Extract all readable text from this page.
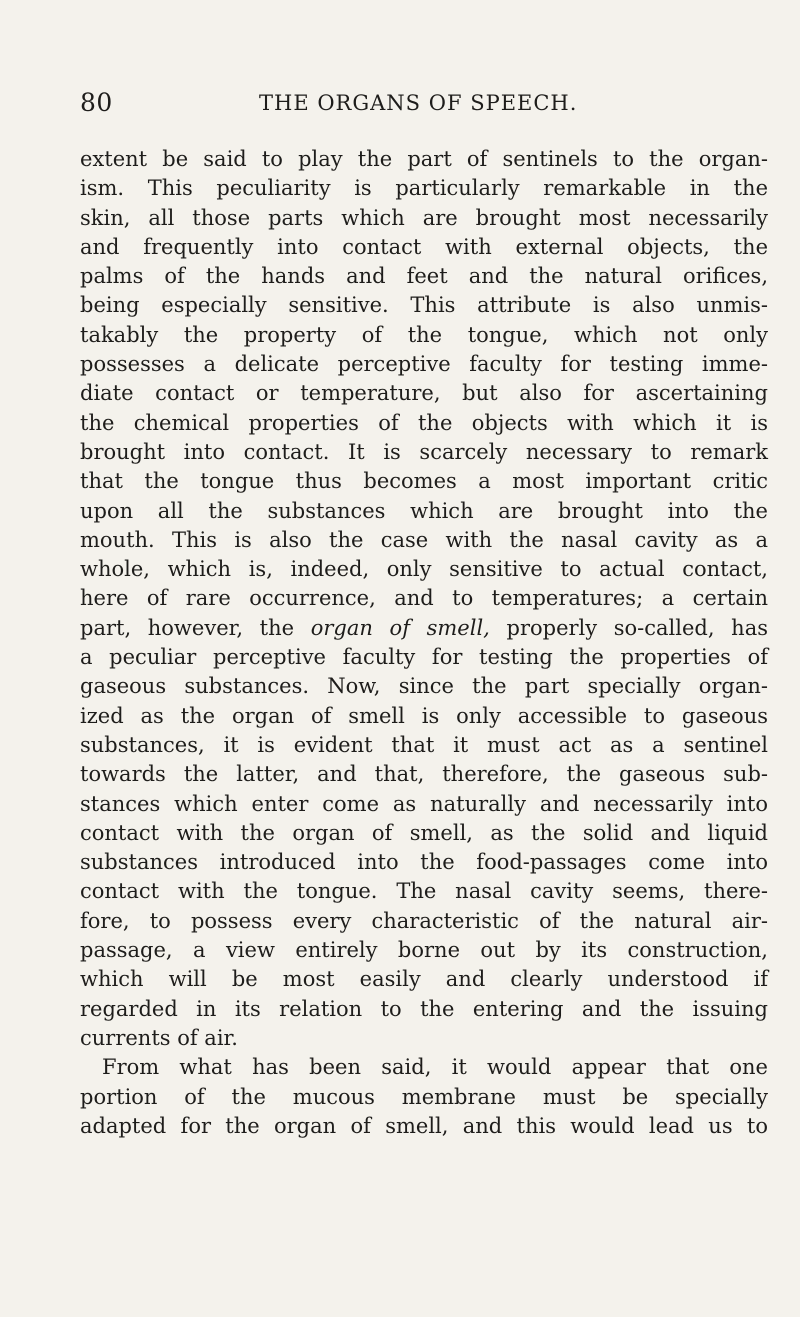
80	THE ORGANS OF SPEECH.
extent be said to play the part of sentinels to the organ-
ism. This peculiarity is particularly remarkable in the
skin, all those parts which are brought most necessarily
and frequently into contact with external objects, the
palms of the hands and feet and the natural orifices,
being especially sensitive. This attribute is also unmis-
takably the property of the tongue, which not only
possesses a delicate perceptive faculty for testing imme-
diate contact or temperature, but also for ascertaining
the chemical properties of the objects with which it is
brought into contact. It is scarcely necessary to remark
that the tongue thus becomes a most important critic
upon all the substances which are brought into the
mouth. This is also the case with the nasal cavity as a
whole, which is, indeed, only sensitive to actual contact,
here of rare occurrence, and to temperatures; a certain
part, however, the organ of smell, properly so-called, has
a peculiar perceptive faculty for testing the properties of
gaseous substances. Now, since the part specially organ-
ized as the organ of smell is only accessible to gaseous
substances, it is evident that it must act as a sentinel
towards the latter, and that, therefore, the gaseous sub-
stances which enter come as naturally and necessarily into
contact with the organ of smell, as the solid and liquid
substances introduced into the food-passages come into
contact with the tongue. The nasal cavity seems, there-
fore, to possess every characteristic of the natural air-
passage, a view entirely borne out by its construction,
which will be most easily and clearly understood if
regarded in its relation to the entering and the issuing
currents of air.
From what has been said, it would appear that one
portion of the mucous membrane must be specially
adapted for the organ of smell, and this would lead us to
